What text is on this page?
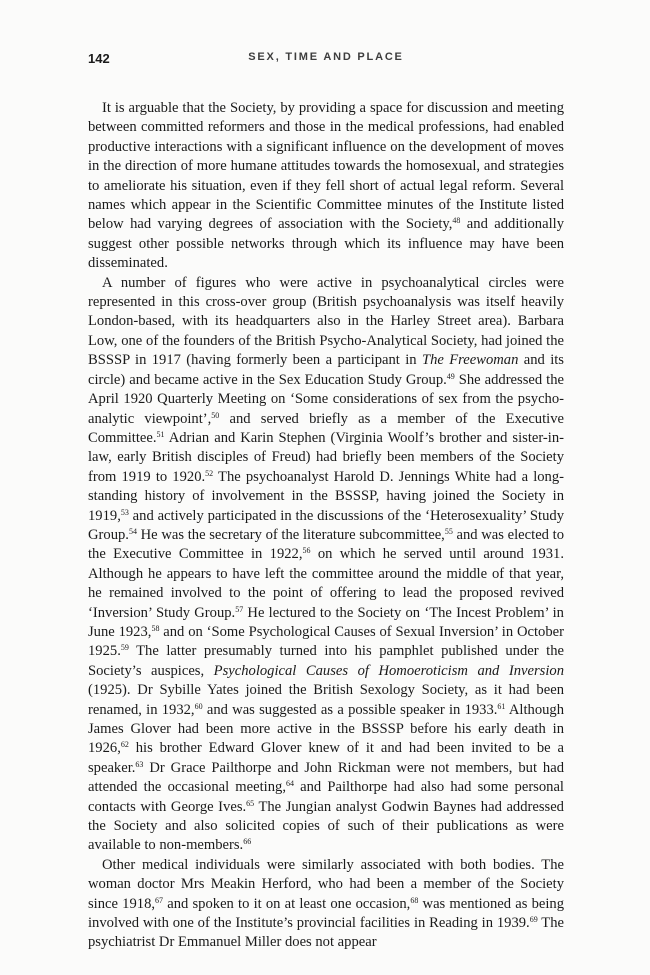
142	SEX, TIME AND PLACE

It is arguable that the Society, by providing a space for discussion and meeting between committed reformers and those in the medical professions, had enabled productive interactions with a significant influence on the development of moves in the direction of more humane attitudes towards the homosexual, and strategies to ameliorate his situation, even if they fell short of actual legal reform. Several names which appear in the Scientific Committee minutes of the Institute listed below had varying degrees of association with the Society,$^{48}$ and additionally suggest other possible networks through which its influence may have been disseminated.

A number of figures who were active in psychoanalytical circles were represented in this cross-over group (British psychoanalysis was itself heavily London-based, with its headquarters also in the Harley Street area). Barbara Low, one of the founders of the British Psycho-Analytical Society, had joined the BSSSP in 1917 (having formerly been a participant in The Freewoman and its circle) and became active in the Sex Education Study Group.$^{49}$ She addressed the April 1920 Quarterly Meeting on ‘Some considerations of sex from the psycho-analytic viewpoint’,$^{50}$ and served briefly as a member of the Executive Committee.$^{51}$ Adrian and Karin Stephen (Virginia Woolf’s brother and sister-in-law, early British disciples of Freud) had briefly been members of the Society from 1919 to 1920.52 The psychoanalyst Harold D. Jennings White had a long-standing history of involvement in the BSSSP, having joined the Society in 1919,53 and actively participated in the discussions of the ‘Heterosexuality’ Study Group.$^{54}$ He was the secretary of the literature subcommittee,$^{55}$ and was elected to the Executive Committee in 1922,56 on which he served until around 1931. Although he appears to have left the committee around the middle of that year, he remained involved to the point of offering to lead the proposed revived ‘Inversion’ Study Group.$^{57}$ He lectured to the Society on ‘The Incest Problem’ in June 1923,58 and on ‘Some Psychological Causes of Sexual Inversion’ in October 1925.59 The latter presumably turned into his pamphlet published under the Society’s auspices, Psychological Causes of Homoeroticism and Inversion (1925). Dr Sybille Yates joined the British Sexology Society, as it had been renamed, in 1932,60 and was suggested as a possible speaker in 1933.61 Although James Glover had been more active in the BSSSP before his early death in 1926,62 his brother Edward Glover knew of it and had been invited to be a speaker.$^{63}$ Dr Grace Pailthorpe and John Rickman were not members, but had attended the occasional meeting,$^{64}$ and Pailthorpe had also had some personal contacts with George Ives.$^{65}$ The Jungian analyst Godwin Baynes had addressed the Society and also solicited copies of such of their publications as were available to non-members.$^{66}$

Other medical individuals were similarly associated with both bodies. The woman doctor Mrs Meakin Herford, who had been a member of the Society since 1918,67 and spoken to it on at least one occasion,$^{68}$ was mentioned as being involved with one of the Institute’s provincial facilities in Reading in 1939.69 The psychiatrist Dr Emmanuel Miller does not appear
